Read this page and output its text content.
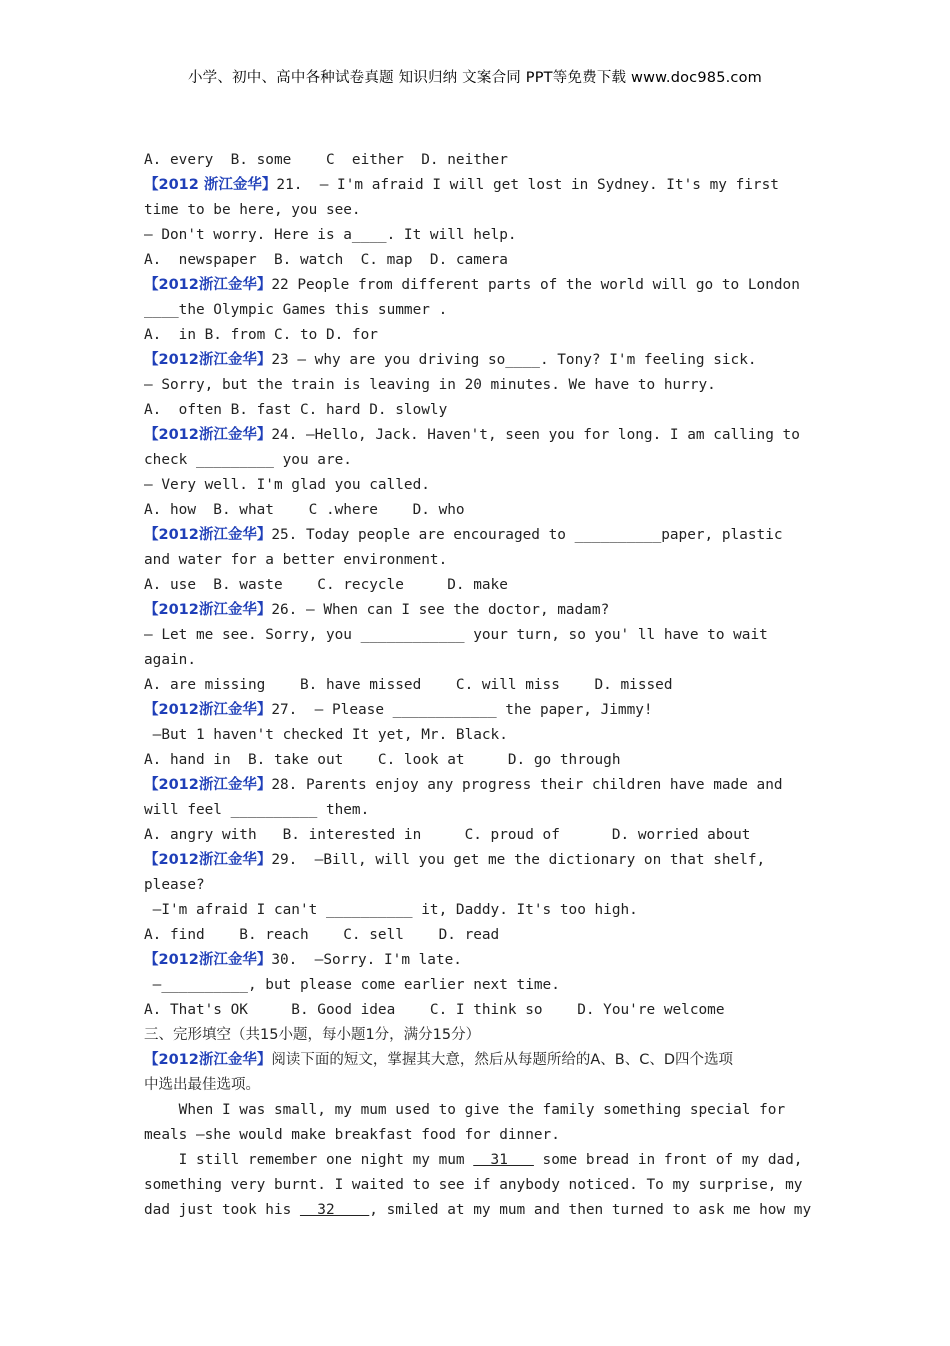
小学、初中、高中各种试卷真题 知识归纳 文案合同 PPT等免费下载 www.doc985.com
A. every  B. some    C  either  D. neither
【2012 浙江金华】21.  — I'm afraid I will get lost in Sydney. It's my first
time to be here, you see.
— Don't worry. Here is a____. It will help.
A.  newspaper  B. watch  C. map  D. camera
【2012浙江金华】22 People from different parts of the world will go to London
____the Olympic Games this summer .
A.  in B. from C. to D. for
【2012浙江金华】23 — why are you driving so____. Tony? I'm feeling sick.
— Sorry, but the train is leaving in 20 minutes. We have to hurry.
A.  often B. fast C. hard D. slowly
【2012浙江金华】24. —Hello, Jack. Haven't, seen you for long. I am calling to
check _________ you are.
— Very well. I'm glad you called.
A. how  B. what    C .where    D. who
【2012浙江金华】25. Today people are encouraged to __________paper, plastic
and water for a better environment.
A. use  B. waste    C. recycle     D. make
【2012浙江金华】26. — When can I see the doctor, madam?
— Let me see. Sorry, you ____________ your turn, so you' ll have to wait
again.
A. are missing    B. have missed    C. will miss    D. missed
【2012浙江金华】27.  – Please ____________ the paper, Jimmy!
–But 1 haven't checked It yet, Mr. Black.
A. hand in  B. take out    C. look at     D. go through
【2012浙江金华】28. Parents enjoy any progress their children have made and
will feel __________ them.
A. angry with   B. interested in     C. proud of      D. worried about
【2012浙江金华】29.  –Bill, will you get me the dictionary on that shelf,
please?
–I'm afraid I can't __________ it, Daddy. It's too high.
A. find    B. reach    C. sell    D. read
【2012浙江金华】30.  –Sorry. I'm late.
–__________, but please come earlier next time.
A. That's OK     B. Good idea    C. I think so    D. You're welcome
三、完形填空（共15小题，每小题1分，满分15分）
【2012浙江金华】阅读下面的短文，掌握其大意，然后从每题所给的A、B、C、D四个选项
中选出最佳选项。
When I was small, my mum used to give the family something special for
meals —she would make breakfast food for dinner.
I still remember one night my mum   31    some bread in front of my dad,
something very burnt. I waited to see if anybody noticed. To my surprise, my
dad just took his   32    , smiled at my mum and then turned to ask me how my
